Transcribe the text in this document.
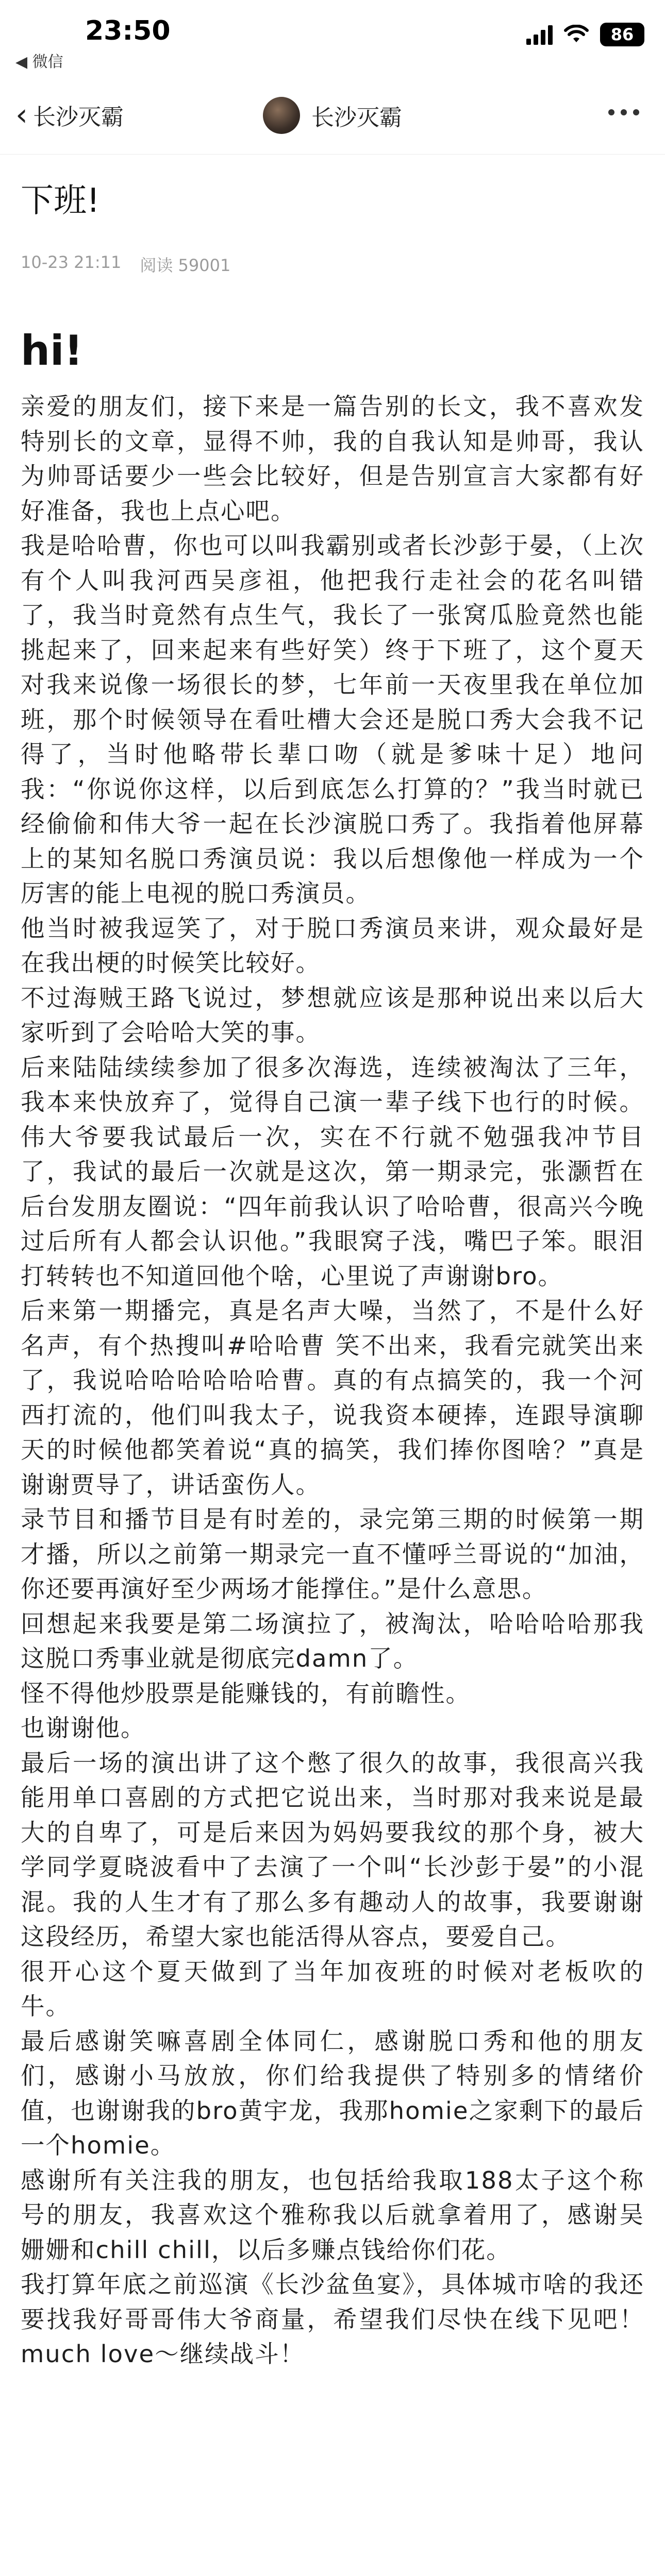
23:50
◀ 微信
86
‹ 长沙灭霸	长沙灭霸
下班!
10-23 21:11 阅读 59001
hi!

亲爱的朋友们，接下来是一篇告别的长文，我不喜欢发特别长的文章，显得不帅，我的自我认知是帅哥，我认为帅哥话要少一些会比较好，但是告别宣言大家都有好好准备，我也上点心吧。

我是哈哈曹，你也可以叫我霸别或者长沙彭于晏，（上次有个人叫我河西吴彦祖，他把我行走社会的花名叫错了，我当时竟然有点生气，我长了一张窝瓜脸竟然也能挑起来了，回来起来有些好笑）终于下班了，这个夏天对我来说像一场很长的梦，七年前一天夜里我在单位加班，那个时候领导在看吐槽大会还是脱口秀大会我不记得了，当时他略带长辈口吻（就是爹味十足）地问我：“你说你这样，以后到底怎么打算的？”我当时就已经偷偷和伟大爷一起在长沙演脱口秀了。我指着他屏幕上的某知名脱口秀演员说：我以后想像他一样成为一个厉害的能上电视的脱口秀演员。

他当时被我逗笑了，对于脱口秀演员来讲，观众最好是在我出梗的时候笑比较好。

不过海贼王路飞说过，梦想就应该是那种说出来以后大家听到了会哈哈大笑的事。

后来陆陆续续参加了很多次海选，连续被淘汰了三年，我本来快放弃了，觉得自己演一辈子线下也行的时候。伟大爷要我试最后一次，实在不行就不勉强我冲节目了，我试的最后一次就是这次，第一期录完，张灏哲在后台发朋友圈说：“四年前我认识了哈哈曹，很高兴今晚过后所有人都会认识他。”我眼窝子浅，嘴巴子笨。眼泪打转转也不知道回他个啥，心里说了声谢谢bro。

后来第一期播完，真是名声大噪，当然了，不是什么好名声，有个热搜叫#哈哈曹 笑不出来，我看完就笑出来了，我说哈哈哈哈哈哈曹。真的有点搞笑的，我一个河西打流的，他们叫我太子，说我资本硬捧，连跟导演聊天的时候他都笑着说“真的搞笑，我们捧你图啥？”真是谢谢贾导了，讲话蛮伤人。

录节目和播节目是有时差的，录完第三期的时候第一期才播，所以之前第一期录完一直不懂呼兰哥说的“加油，你还要再演好至少两场才能撑住。”是什么意思。

回想起来我要是第二场演拉了，被淘汰，哈哈哈哈那我这脱口秀事业就是彻底完damn了。

怪不得他炒股票是能赚钱的，有前瞻性。

也谢谢他。

最后一场的演出讲了这个憋了很久的故事，我很高兴我能用单口喜剧的方式把它说出来，当时那对我来说是最大的自卑了，可是后来因为妈妈要我纹的那个身，被大学同学夏晓波看中了去演了一个叫“长沙彭于晏”的小混混。我的人生才有了那么多有趣动人的故事，我要谢谢这段经历，希望大家也能活得从容点，要爱自己。

很开心这个夏天做到了当年加夜班的时候对老板吹的牛。

最后感谢笑嘛喜剧全体同仁，感谢脱口秀和他的朋友们，感谢小马放放，你们给我提供了特别多的情绪价值，也谢谢我的bro黄宇龙，我那homie之家剩下的最后一个homie。

感谢所有关注我的朋友，也包括给我取188太子这个称号的朋友，我喜欢这个雅称我以后就拿着用了，感谢吴姗姗和chill chill，以后多赚点钱给你们花。

我打算年底之前巡演《长沙盆鱼宴》，具体城市啥的我还要找我好哥哥伟大爷商量，希望我们尽快在线下见吧！much love～继续战斗！
